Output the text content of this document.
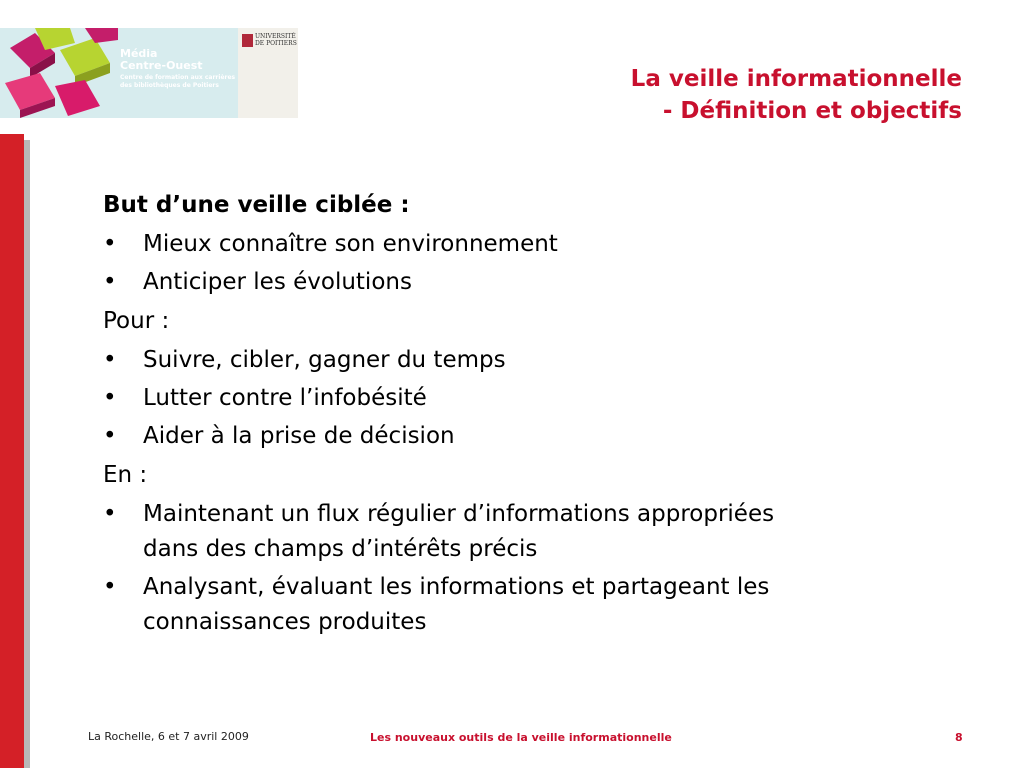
Média
Centre-Ouest
Centre de formation aux carrières
des bibliothèques de Poitiers
UNIVERSITÉ
DE POITIERS
La veille informationnelle
- Définition et objectifs
But d’une veille ciblée :
• Mieux connaître son environnement
• Anticiper les évolutions
Pour :
• Suivre, cibler, gagner du temps
• Lutter contre l’infobésité
• Aider à la prise de décision
En :
• Maintenant un flux régulier d’informations appropriées
dans des champs d’intérêts précis
• Analysant, évaluant les informations et partageant les
connaissances produites
La Rochelle, 6 et 7 avril 2009	Les nouveaux outils de la veille informationnelle	8
